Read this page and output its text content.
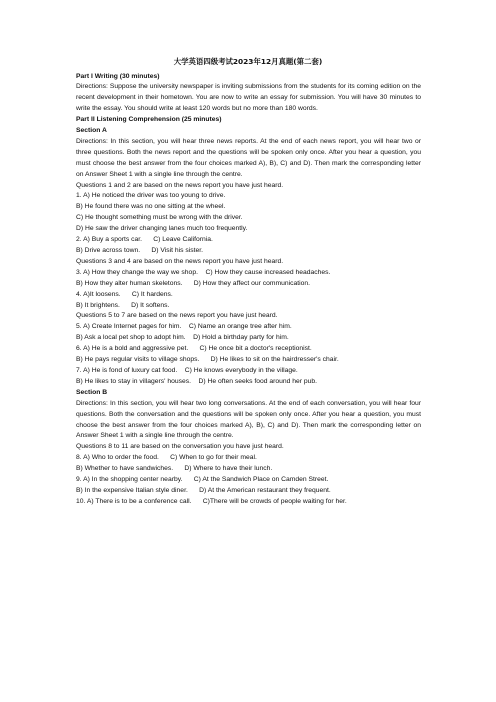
大学英语四级考试2023年12月真题(第二套)

Part I Writing (30 minutes)

Directions: Suppose the university newspaper is inviting submissions from the students for its coming edition on the recent development in their hometown. You are now to write an essay for submission. You will have 30 minutes to write the essay. You should write at least 120 words but no more than 180 words.

Part II Listening Comprehension (25 minutes)

Section A

Directions: In this section, you will hear three news reports. At the end of each news report, you will hear two or three questions. Both the news report and the questions will be spoken only once. After you hear a question, you must choose the best answer from the four choices marked A), B), C) and D). Then mark the corresponding letter on Answer Sheet 1 with a single line through the centre.

Questions 1 and 2 are based on the news report you have just heard.

1. A) He noticed the driver was too young to drive.

B) He found there was no one sitting at the wheel.

C) He thought something must be wrong with the driver.

D) He saw the driver changing lanes much too frequently.

2. A) Buy a sports car.      C) Leave California.

B) Drive across town.      D) Visit his sister.

Questions 3 and 4 are based on the news report you have just heard.

3. A) How they change the way we shop.    C) How they cause increased headaches.

B) How they alter human skeletons.      D) How they affect our communication.

4. A)It loosens.      C) It hardens.

B) It brightens.      D) It softens.

Questions 5 to 7 are based on the news report you have just heard.

5. A) Create Internet pages for him.    C) Name an orange tree after him.

B) Ask a local pet shop to adopt him.    D) Hold a birthday party for him.

6. A) He is a bold and aggressive pet.      C) He once bit a doctor's receptionist.

B) He pays regular visits to village shops.      D) He likes to sit on the hairdresser's chair.

7. A) He is fond of luxury cat food.    C) He knows everybody in the village.

B) He likes to stay in villagers' houses.    D) He often seeks food around her pub.

Section B

Directions: In this section, you will hear two long conversations. At the end of each conversation, you will hear four questions. Both the conversation and the questions will be spoken only once. After you hear a question, you must choose the best answer from the four choices marked A), B), C) and D). Then mark the corresponding letter on Answer Sheet 1 with a single line through the centre.

Questions 8 to 11 are based on the conversation you have just heard.

8. A) Who to order the food.      C) When to go for their meal.

B) Whether to have sandwiches.      D) Where to have their lunch.

9. A) In the shopping center nearby.      C) At the Sandwich Place on Camden Street.

B) In the expensive Italian style diner.      D) At the American restaurant they frequent.

10. A) There is to be a conference call.      C)There will be crowds of people waiting for her.
